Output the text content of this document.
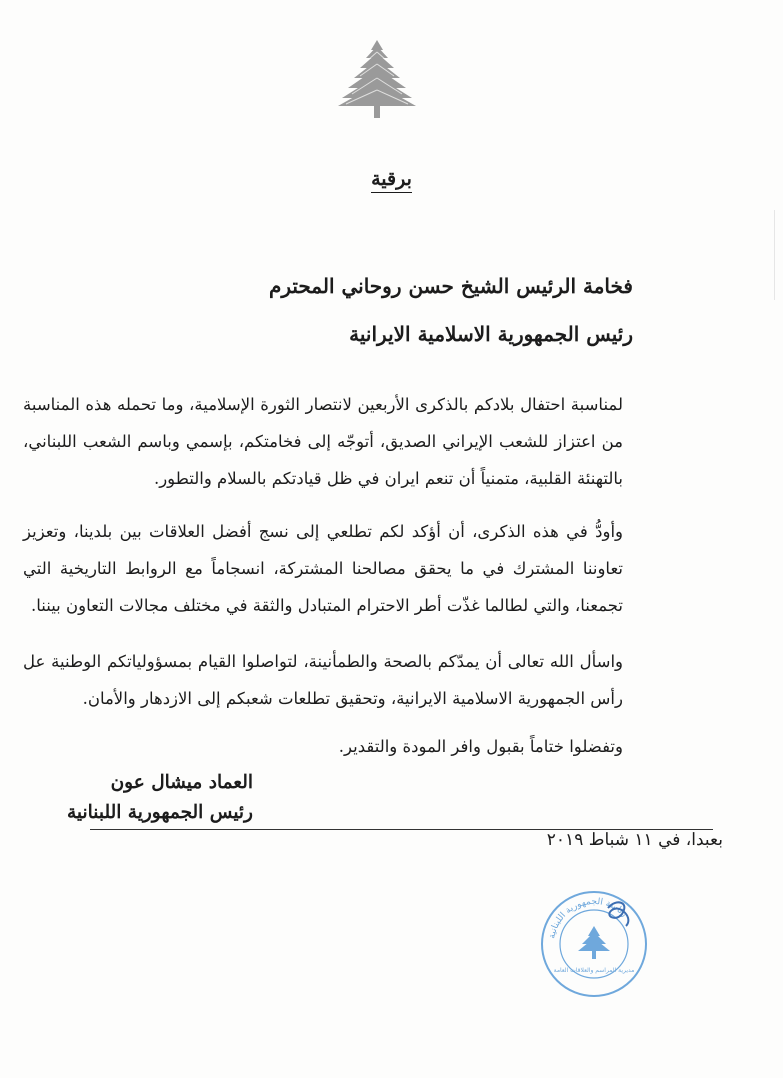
برقية
فخامة الرئيس الشيخ حسن روحاني المحترم
رئيس الجمهورية الاسلامية الايرانية
لمناسبة احتفال بلادكم بالذكرى الأربعين لانتصار الثورة الإسلامية، وما تحمله هذه المناسبة من اعتزاز للشعب الإيراني الصديق، أتوجّه إلى فخامتكم، بإسمي وباسم الشعب اللبناني، بالتهنئة القلبية، متمنياً أن تنعم ايران في ظل قيادتكم بالسلام والتطور.
وأودُّ في هذه الذكرى، أن أؤكد لكم تطلعي إلى نسج أفضل العلاقات بين بلدينا، وتعزيز تعاوننا المشترك في ما يحقق مصالحنا المشتركة، انسجاماً مع الروابط التاريخية التي تجمعنا، والتي لطالما غذّت أطر الاحترام المتبادل والثقة في مختلف مجالات التعاون بيننا.
واسأل الله تعالى أن يمدّكم بالصحة والطمأنينة، لتواصلوا القيام بمسؤولياتكم الوطنية عل رأس الجمهورية الاسلامية الايرانية، وتحقيق تطلعات شعبكم إلى الازدهار والأمان.
وتفضلوا ختاماً بقبول وافر المودة والتقدير.
العماد ميشال عون
رئيس الجمهورية اللبنانية
بعبدا، في ١١ شباط ٢٠١٩
رئاسة الجمهورية اللبنانية
مديرية المراسم والعلاقات العامة
